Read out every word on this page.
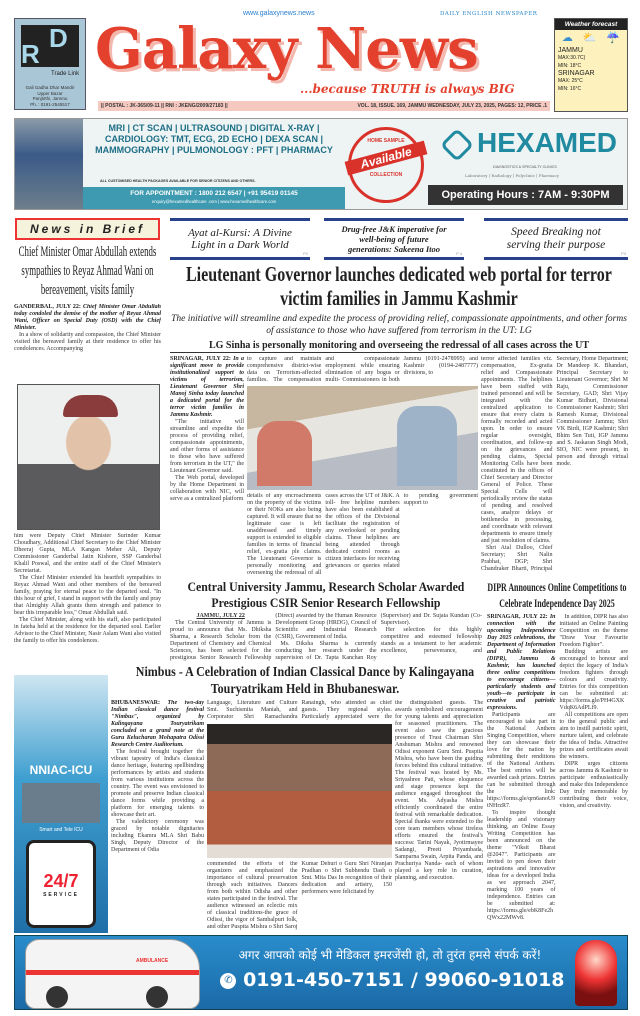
R
D
Trade Link
Gali Gadha Dhar Mandir
Upper Bazar
Panjtirthi, Jammu
Ph. : 0191-2545517
www.galaxynews.news
Galaxy News
DAILY ENGLISH NEWSPAPER
...because TRUTH is always BIG
|| POSTAL : JK-365/09-11 || RNI : JKENG/2009/27183 ||	VOL. 18, ISSUE. 169, JAMMU WEDNESDAY, JULY 23, 2025, PAGES: 12, PRICE .1
Weather forecast
☁ ⛅ ☔
JAMMU
MAX:30.7C)
MIN: 18°C
SRINAGAR
MAX: 25°C
MIN: 16°C
MRI | CT SCAN | ULTRASOUND | DIGITAL X-RAY | CARDIOLOGY: TMT, ECG, 2D ECHO | DEXA SCAN | MAMMOGRAPHY | PULMONOLOGY : PFT | PHARMACY
ALL CUSTOMISED HEALTH PACKAGES AVAILABLE FOR SENIOR CITIZENS AND OTHERS.
FOR APPOINTMENT : 1800 212 6547 | +91 95419 01145
enquiry@hexamedhealthcare .com | www.hexamedhealthcare.com
HOME SAMPLE
Available
COLLECTION
HEXAMED
DIAGNOSTICS & SPECIALTY CLINICS
Laboratory | Radiology | Polyclinic | Pharmacy
Operating Hours : 7AM - 9:30PM
News in Brief
Chief Minister Omar Abdullah extends sympathies to Reyaz Ahmad Wani on bereavement, visits family

GANDERBAL, JULY 22: Chief Minister Omar Abdullah today condoled the demise of the mother of Reyaz Ahmad Wani, Officer on Special Duty (OSD) with the Chief Minister.

In a show of solidarity and compassion, the Chief Minister visited the bereaved family at their residence to offer his condolences. Accompanying

him were Deputy Chief Minister Surinder Kumar Choudhary, Additional Chief Secretary to the Chief Minister Dheeraj Gupta, MLA Kangan Meher Ali, Deputy Commissioner Ganderbal Jatin Kishore, SSP Ganderbal Khalil Poswal, and the entire staff of the Chief Minister's Secretariat.

The Chief Minister extended his heartfelt sympathies to Reyaz Ahmad Wani and other members of the bereaved family, praying for eternal peace to the departed soul. "In this hour of grief, I stand in support with the family and pray that Almighty Allah grants them strength and patience to bear this irreparable loss," Omar Abdullah said.

The Chief Minister, along with his staff, also participated in fateha held at the residence for the departed soul. Earlier Advisor to the Chief Minister, Nasir Aslam Wani also visited the family to offer his condolences.

Ayat al-Kursi: A Divine Light in a Dark World
P2
Drug-free J&K imperative for well-being of future generations: Sakeena Itoo	P 4
Speed Breaking not serving their purpose
P3
Lieutenant Governor launches dedicated web portal for terror victim families in Jammu Kashmir
The initiative will streamline and expedite the process of providing relief, compassionate appointments, and other forms of assistance to those who have suffered from terrorism in the UT: LG
LG Sinha is personally monitoring and overseeing the redressal of all cases across the UT

SRINAGAR, JULY 22: In a significant move to provide institutionalized support to victims of terrorism, Lieutenant Governor Shri Manoj Sinha today launched a dedicated portal for the terror victim families in Jammu Kashmir.

"The initiative will streamline and expedite the process of providing relief, compassionate appointments, and other forms of assistance to those who have suffered from terrorism in the UT," the Lieutenant Governor said.

The Web portal, developed by the Home Department in collaboration with NIC, will serve as a centralized platform

to capture and maintain comprehensive district-wise data on Terrorism-affected families. The compensation and compassionate employment while ensuring elimination of any bogus or multi- Commissioners in both Jammu (0191-2478995) and Kashmir (0194-2487777) divisions, to
details of any encroachments on the property of the victims or their NOKs are also being captured. It will ensure that no legitimate case is left unaddressed and timely support is extended to eligible families in terms of financial relief, ex-gratia ple claims. The Lieutenant Governor is personally monitoring and overseeing the redressal of all cases across the UT of J&K. A toll- free helpline numbers have also been established at the offices of the Divisional facilitate the registration of any overlooked or pending claims. These helplines are being attended through dedicated control rooms as citizen interfaces for receiving grievances or queries related to pending government support to

terror affected families viz. compensation, Ex-gratia relief and Compassionate appointments. The helplines have been staffed with trained personnel and will be integrated with the centralized application to ensure that every claim is formally recorded and acted upon. In order to ensure regular oversight, coordination, and follow-up on the grievances and pending claims, Special Monitoring Cells have been constituted in the offices of Chief Secretary and Director General of Police. These Special Cells will periodically review the status of pending and resolved cases, analyze delays or bottlenecks in processing, and coordinate with relevant departments to ensure timely and just resolution of claims.

Shri Atal Dulloo, Chief Secretary; Shri Nalin Prabhat, DGP; Shri Chandraker Bharti, Principal Secretary, Home Department; Dr Mandeep K. Bhandari, Principal Secretary to Lieutenant Governor; Shri M Raju, Commissioner Secretary, GAD; Shri Vijay Kumar Bidhuri, Divisional Commissioner Kashmir; Shri Ramesh Kumar, Divisional Commissioner Jammu; Shri VK Birdi, IGP Kashmir; Shri Bhim Sen Tuti, IGP Jammu and S. Jaskaran Singh Modi, SIO, NIC were present, in person and through virtual mode.

Central University Jammu, Research Scholar Awarded Prestigious CSIR Senior Research Fellowship
JAMMU, JULY 22

The Central University of Jammu is proud to announce that Ms. Dhiksha Sharma, a Research Scholar from the Department of Chemistry and Chemical Sciences, has been selected for the prestigious Senior Research Fellowship (Direct) awarded by the Human Resource Development Group (HRDG), Council of Scientific and Industrial Research (CSIR), Government of India.

Ms. Diksha Sharma is currently conducting her research under the supervision of Dr. Tapta Kanchan Roy (Supervisor) and Dr. Sujata Kundan (Co-Supervisor).

Her selection for this highly competitive and esteemed fellowship stands as a testament to her academic excellence, perseverance, and

Nimbus - A Celebration of Indian Classical Dance by Kalingayana Touryatrikam Held in Bhubaneswar.
NNIAC-ICU
Smart and Tele ICU
24/7
SERVICE

BHUBANESWAR: The two-day Indian classical dance festival "Nimbus", organized by Kalingayana Touryatrikam concluded on a grand note at the Guru Kelucharan Mohapatra Odissi Research Centre Auditorium.

The festival brought together the vibrant tapestry of India's classical dance heritage, featuring spellbinding performances by artists and students from various institutions across the country. The event was envisioned to promote and preserve Indian classical dance forms while providing a platform for emerging talents to showcase their art.

The valedictory ceremony was graced by notable dignitaries including Ekamra MLA Shri Babu Singh, Deputy Director of the Department of Odia

Language, Literature and Culture Smt. Suchismita Maniah, and Corporator Shri Ramachandra Ranaingh, who attended as chief guests. They regional styles. Particularly appreciated were the
commended the efforts of the organizers and emphasized the importance of cultural preservation through such initiatives. Dancers from both within Odisha and other states participated in the festival. The audience witnessed an eclectic mix of classical traditions-the grace of Odissi, the vigor of Sambalpuri folk, and other Puspita Mishra o Shri Saroj Kumar Dehuri o Guru Shri Niranjan Pradhan o Shri Subhendu Dash o Smt. Mita Das In recognition of their dedication and artistry, 150 performers were felicitated by
the distinguished guests. The awards symbolized encouragement for young talents and appreciation for seasoned practitioners. The event also saw the gracious presence of Trust Chairman Shri Anshuman Mishra and renowned Odissi exponent Guru Smt. Puspita Mishra, who have been the guiding forces behind this cultural initiative. The festival was hosted by Ms. Sriyashree Pati, whose eloquence and stage presence kept the audience engaged throughout the event. Ms. Adyasha Mishra efficiently coordinated the entire festival with remarkable dedication. Special thanks were extended to the core team members whose tireless efforts ensured the festival's success: Tarini Nayak, Jyotirmayee Sadangi, Preeti Priyambada, Samparna Swain, Arpita Panda, and Prachuriya Nanda- each of whom played a key role in curation, planning, and execution.
DIPR Announces Online Competitions to Celebrate Independence Day 2025

SRINAGAR, JULY 22: In connection with the upcoming Independence Day 2025 celebrations, the Department of Information and Public Relations (DIPR), Jammu & Kashmir, has launched three online competitions to encourage citizens—particularly students and youth—to participate in creative and patriotic expressions.

Participants are encouraged to take part in the National Anthem Singing Competition, where they can showcase their love for the nation by submitting their renditions of the National Anthem. The best entries will be awarded cash prizes. Entries can be submitted through the link: https://forms.gle/qrn6anoU9tNHrzR7.

To inspire thought leadership and visionary thinking, an Online Essay Writing Competition has been announced on the theme "Viksit Bharat @2047". Participants are invited to pen down their aspirations and innovative ideas for a developed India as we approach 2047, marking 100 years of independence. Entries can be submitted at: https://forms.gle/ebK8Fe2hQWx22MWv8.

In addition, DIPR has also initiated an Online Painting Competition on the theme "Draw Your Favourite Freedom Fighter".

Budding artists are encouraged to honour and depict the legacy of India's freedom fighters through colours and creativity. Entries for this competition can be submitted at: https://forms.gle/PH4GXKVdqK6AdPLf9.

All competitions are open to the general public and aim to instill patriotic spirit, nurture talent, and celebrate the idea of India. Attractive prizes and certificates await the winners.

DIPR urges citizens across Jammu & Kashmir to participate enthusiastically and make this Independence Day truly memorable by contributing their voice, vision, and creativity.

AMBULANCE	अगर आपको कोई भी मेडिकल इमरजेंसी हो, तो तुरंत हमसे संपर्क करें!
✆ 0191-450-7151 / 99060-91018
